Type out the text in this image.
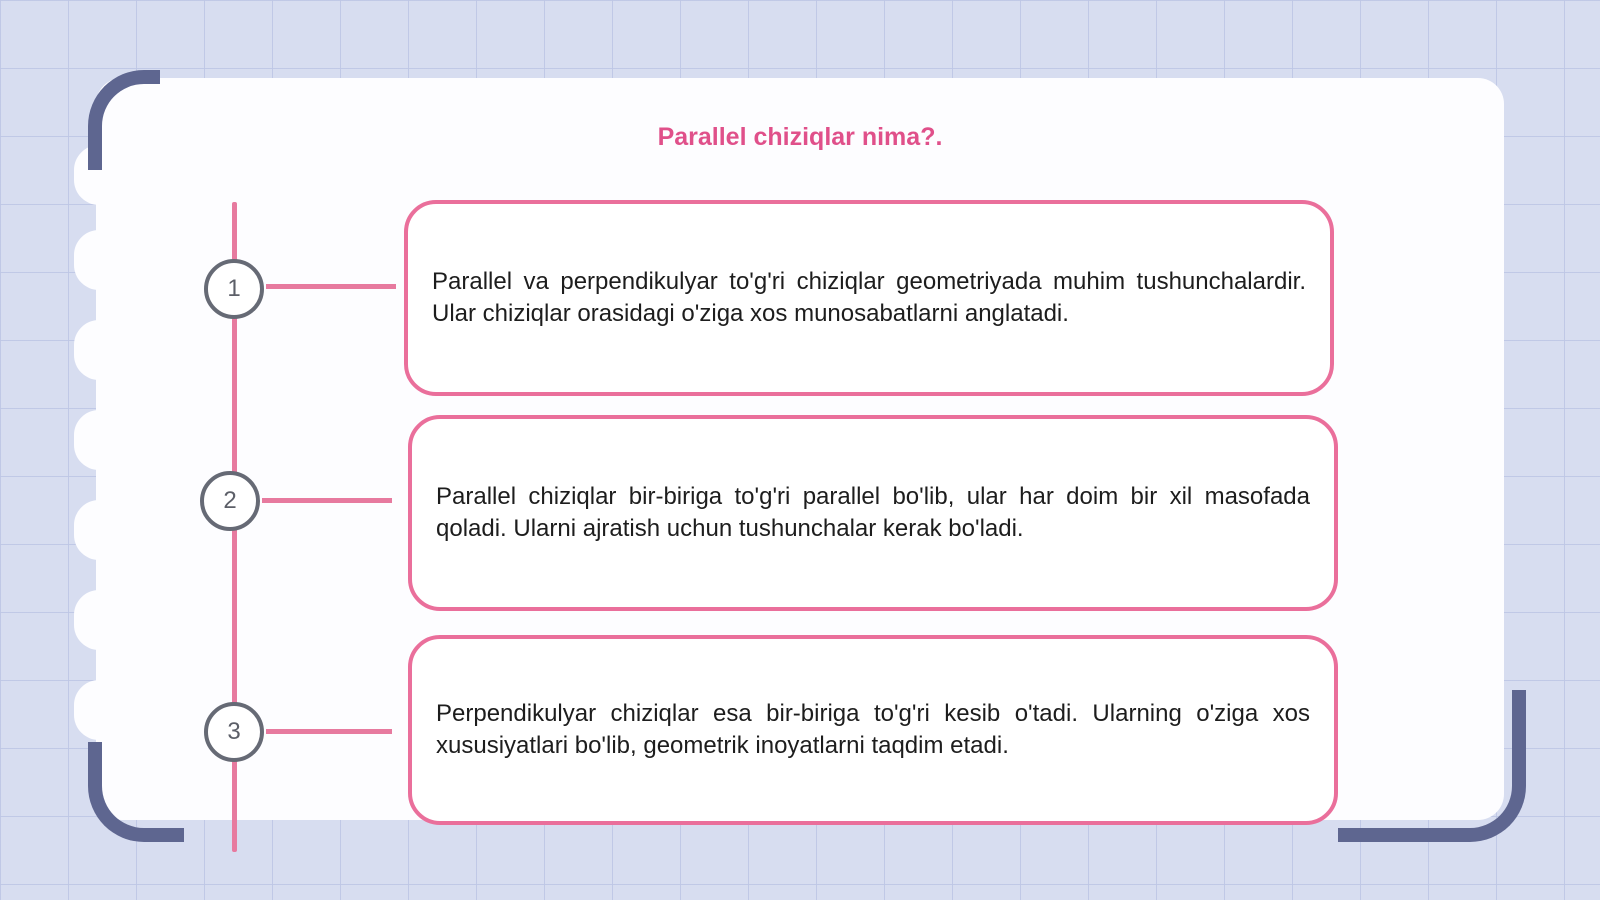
Parallel chiziqlar nima?.
1
2
3

Parallel va perpendikulyar to'g'ri chiziqlar geometriyada muhim tushunchalardir. Ular chiziqlar orasidagi o'ziga xos munosabatlarni anglatadi.

Parallel chiziqlar bir-biriga to'g'ri parallel bo'lib, ular har doim bir xil masofada qoladi. Ularni ajratish uchun tushunchalar kerak bo'ladi.

Perpendikulyar chiziqlar esa bir-biriga to'g'ri kesib o'tadi. Ularning o'ziga xos xususiyatlari bo'lib, geometrik inoyatlarni taqdim etadi.
